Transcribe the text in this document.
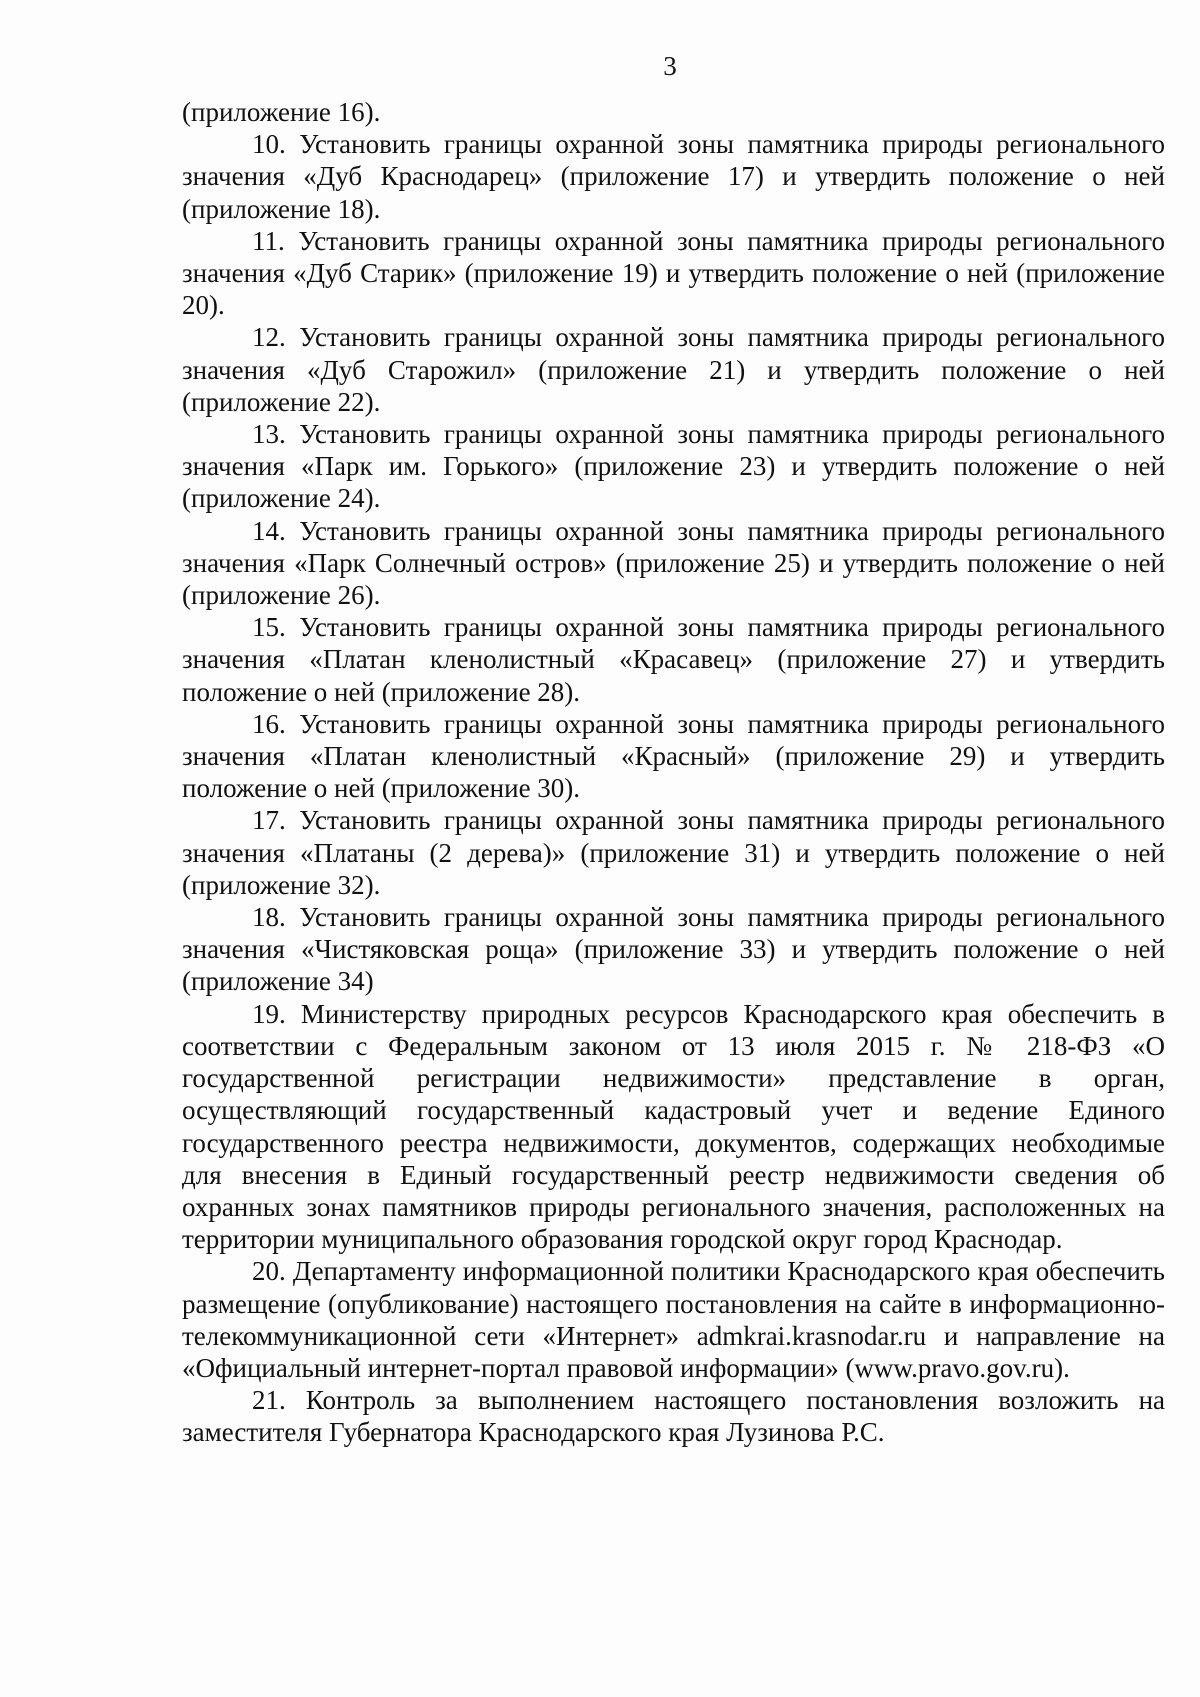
3

(приложение 16).

10. Установить границы охранной зоны памятника природы регионального значения «Дуб Краснодарец» (приложение 17) и утвердить положение о ней (приложение 18).

11. Установить границы охранной зоны памятника природы регионального значения «Дуб Старик» (приложение 19) и утвердить положение о ней (приложение 20).

12. Установить границы охранной зоны памятника природы регионального значения «Дуб Старожил» (приложение 21) и утвердить положение о ней (приложение 22).

13. Установить границы охранной зоны памятника природы регионального значения «Парк им. Горького» (приложение 23) и утвердить положение о ней (приложение 24).

14. Установить границы охранной зоны памятника природы регионального значения «Парк Солнечный остров» (приложение 25) и утвердить положение о ней (приложение 26).

15. Установить границы охранной зоны памятника природы регионального значения «Платан кленолистный «Красавец» (приложение 27) и утвердить положение о ней (приложение 28).

16. Установить границы охранной зоны памятника природы регионального значения «Платан кленолистный «Красный» (приложение 29) и утвердить положение о ней (приложение 30).

17. Установить границы охранной зоны памятника природы регионального значения «Платаны (2 дерева)» (приложение 31) и утвердить положение о ней (приложение 32).

18. Установить границы охранной зоны памятника природы регионального значения «Чистяковская роща» (приложение 33) и утвердить положение о ней (приложение 34)

19. Министерству природных ресурсов Краснодарского края обеспечить в соответствии с Федеральным законом от 13 июля 2015 г. № 218-ФЗ «О государственной регистрации недвижимости» представление в орган, осуществляющий государственный кадастровый учет и ведение Единого государственного реестра недвижимости, документов, содержащих необходимые для внесения в Единый государственный реестр недвижимости сведения об охранных зонах памятников природы регионального значения, расположенных на территории муниципального образования городской округ город Краснодар.

20. Департаменту информационной политики Краснодарского края обеспечить размещение (опубликование) настоящего постановления на сайте в информационно-телекоммуникационной сети «Интернет» admkrai.krasnodar.ru и направление на «Официальный интернет-портал правовой информации» (www.pravo.gov.ru).

21. Контроль за выполнением настоящего постановления возложить на заместителя Губернатора Краснодарского края Лузинова Р.С.
